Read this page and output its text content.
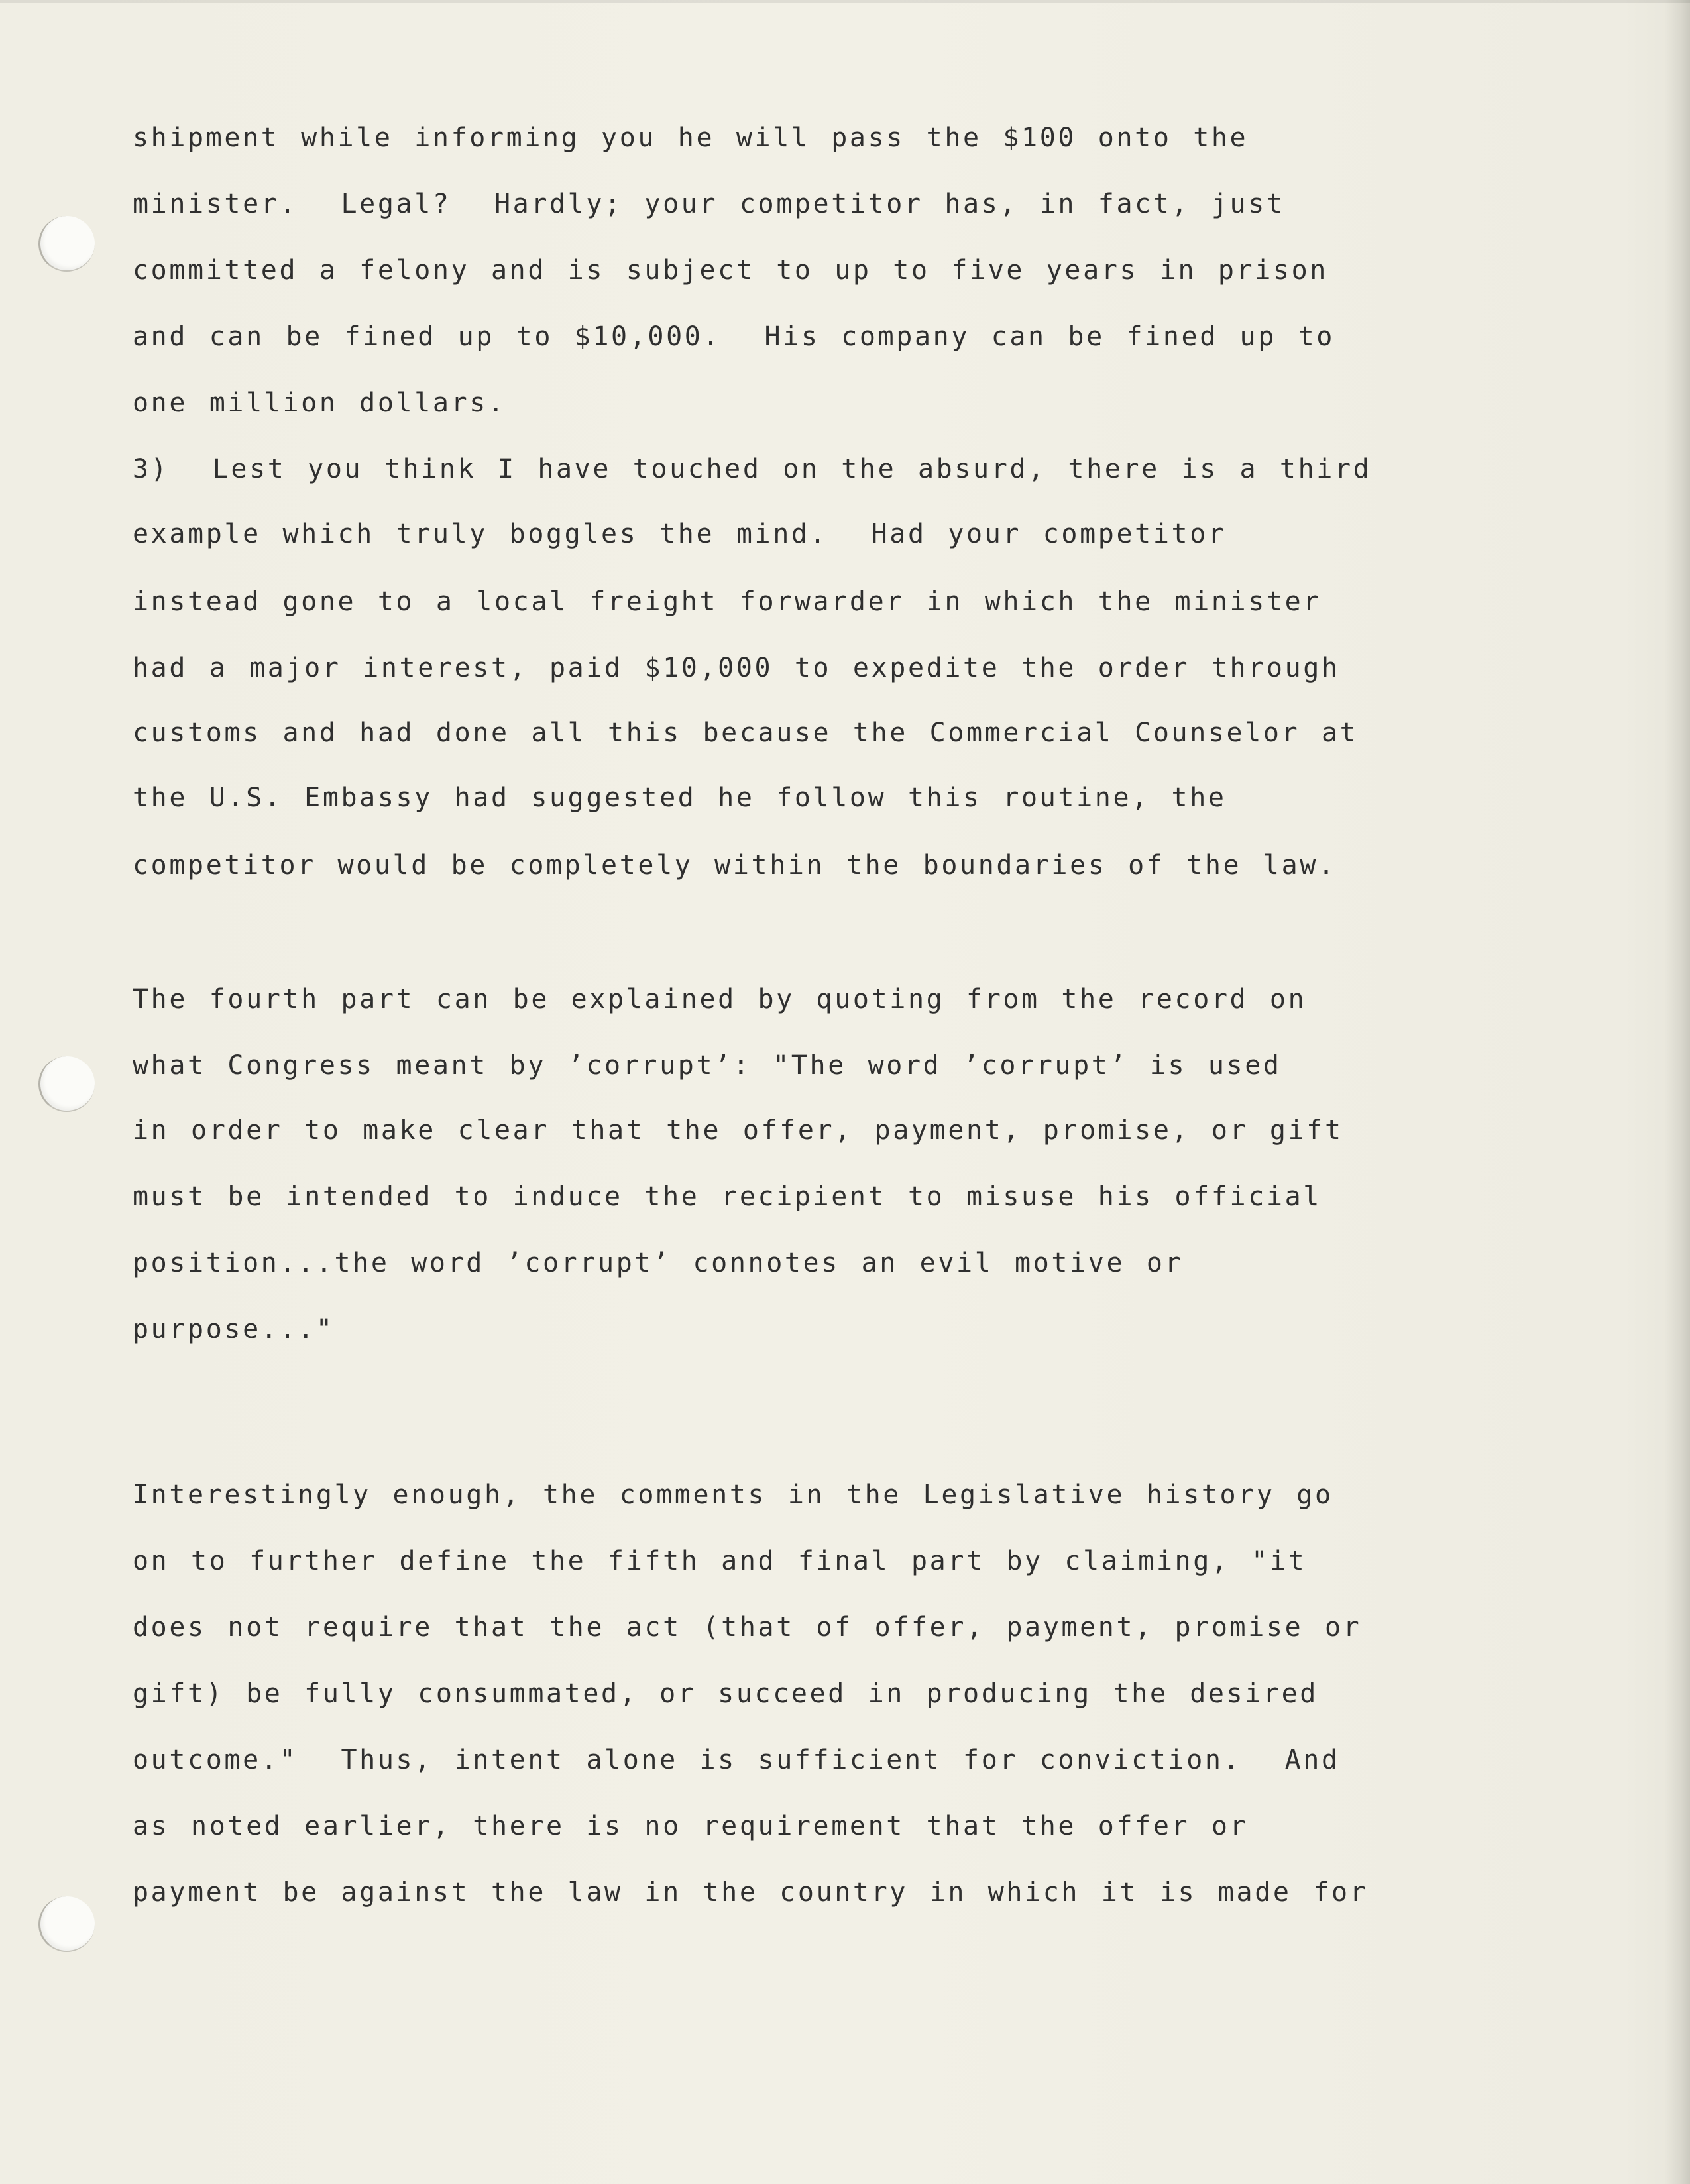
shipment while informing you he will pass the $100 onto the
minister.  Legal?  Hardly; your competitor has, in fact, just
committed a felony and is subject to up to five years in prison
and can be fined up to $10,000.  His company can be fined up to
one million dollars.
3)  Lest you think I have touched on the absurd, there is a third
example which truly boggles the mind.  Had your competitor
instead gone to a local freight forwarder in which the minister
had a major interest, paid $10,000 to expedite the order through
customs and had done all this because the Commercial Counselor at
the U.S. Embassy had suggested he follow this routine, the
competitor would be completely within the boundaries of the law.
The fourth part can be explained by quoting from the record on
what Congress meant by ’corrupt’: "The word ’corrupt’ is used
in order to make clear that the offer, payment, promise, or gift
must be intended to induce the recipient to misuse his official
position...the word ’corrupt’ connotes an evil motive or
purpose..."
Interestingly enough, the comments in the Legislative history go
on to further define the fifth and final part by claiming, "it
does not require that the act (that of offer, payment, promise or
gift) be fully consummated, or succeed in producing the desired
outcome."  Thus, intent alone is sufficient for conviction.  And
as noted earlier, there is no requirement that the offer or
payment be against the law in the country in which it is made for
